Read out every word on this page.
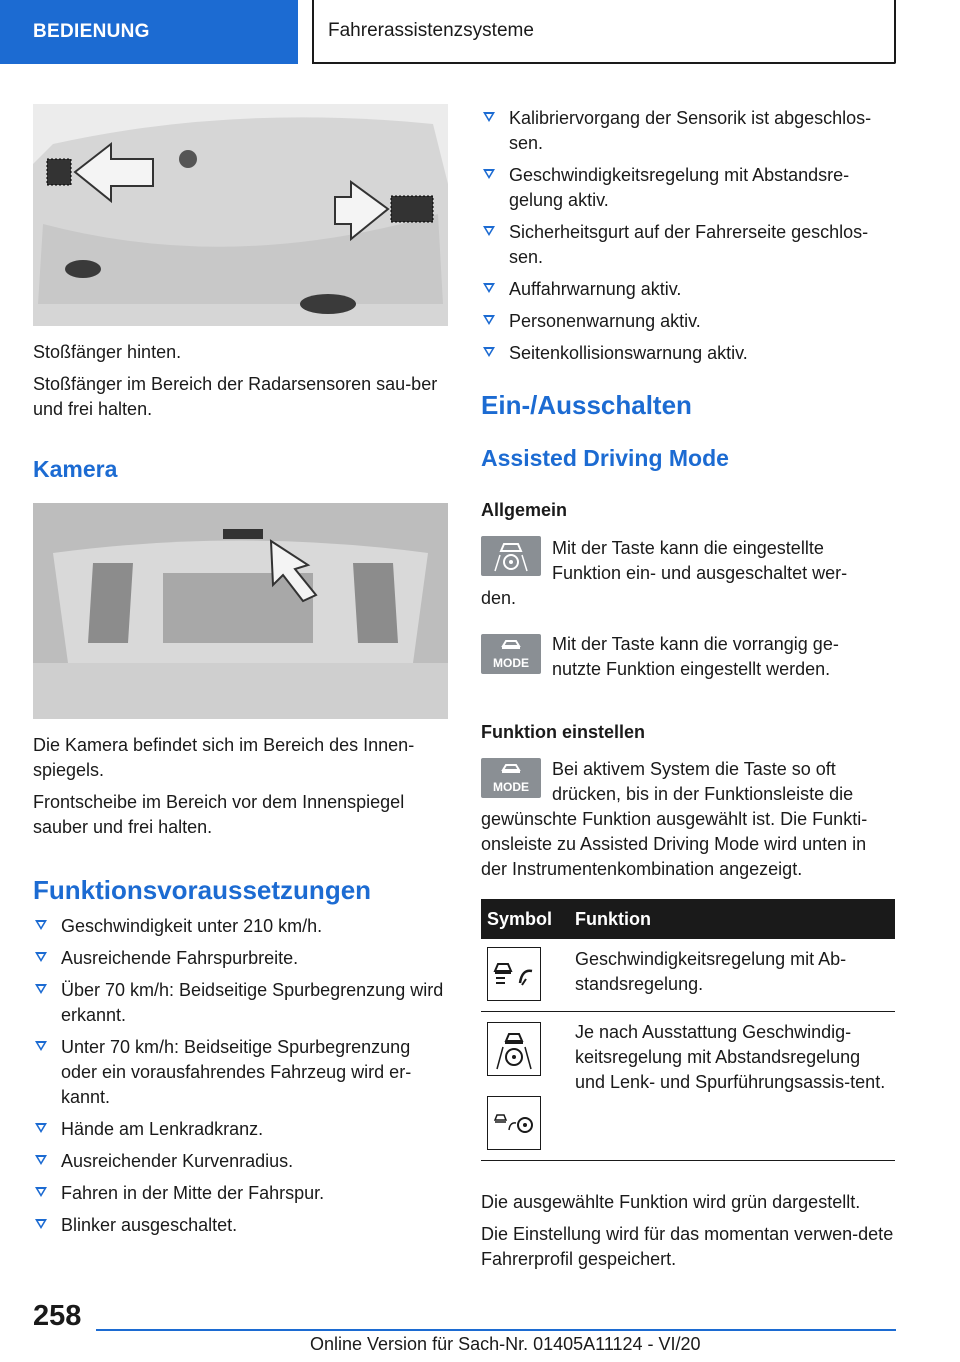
BEDIENUNG	Fahrerassistenzsysteme

Stoßfänger hinten.

Stoßfänger im Bereich der Radarsensoren sau-ber und frei halten.

Kamera

Die Kamera befindet sich im Bereich des Innen-spiegels.

Frontscheibe im Bereich vor dem Innenspiegel sauber und frei halten.

Funktionsvoraussetzungen
Geschwindigkeit unter 210 km/h.
Ausreichende Fahrspurbreite.
Über 70 km/h: Beidseitige Spurbegrenzung wird erkannt.
Unter 70 km/h: Beidseitige Spurbegrenzung oder ein vorausfahrendes Fahrzeug wird er-kannt.
Hände am Lenkradkranz.
Ausreichender Kurvenradius.
Fahren in der Mitte der Fahrspur.
Blinker ausgeschaltet.
Kalibriervorgang der Sensorik ist abgeschlos-sen.
Geschwindigkeitsregelung mit Abstandsre-gelung aktiv.
Sicherheitsgurt auf der Fahrerseite geschlos-sen.
Auffahrwarnung aktiv.
Personenwarnung aktiv.
Seitenkollisionswarnung aktiv.
Ein-/Ausschalten
Assisted Driving Mode
Allgemein

Mit der Taste kann die eingestellte

Funktion ein- und ausgeschaltet wer-

den.

MODE

Mit der Taste kann die vorrangig ge-

nutzte Funktion eingestellt werden.

Funktion einstellen
MODE

Bei aktivem System die Taste so oft

drücken, bis in der Funktionsleiste die

gewünschte Funktion ausgewählt ist. Die Funkti-onsleiste zu Assisted Driving Mode wird unten in der Instrumentenkombination angezeigt.

Symbol	Funktion

	Geschwindigkeitsregelung mit Ab-standsregelung.

	Je nach Ausstattung Geschwindig-keitsregelung mit Abstandsregelung und Lenk- und Spurführungsassis-tent.

Die ausgewählte Funktion wird grün dargestellt.

Die Einstellung wird für das momentan verwen-dete Fahrerprofil gespeichert.

258
Online Version für Sach-Nr. 01405A11124 - VI/20
